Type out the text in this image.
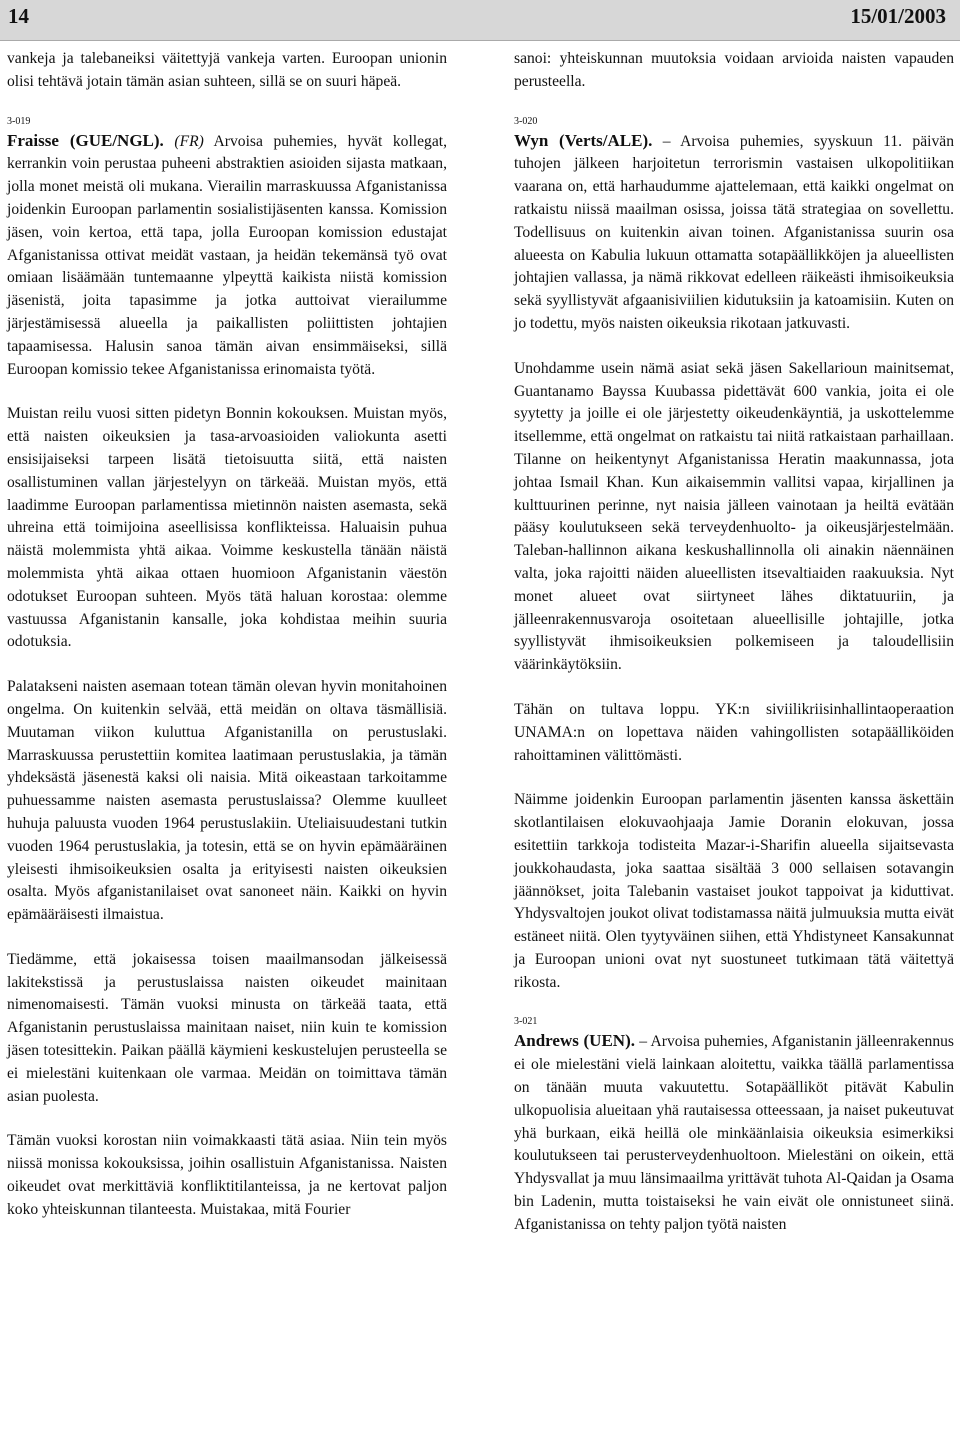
14	15/01/2003

vankeja ja talebaneiksi väitettyjä vankeja varten. Euroopan unionin olisi tehtävä jotain tämän asian suhteen, sillä se on suuri häpeä.

3-019

Fraisse (GUE/NGL). (FR) Arvoisa puhemies, hyvät kollegat, kerrankin voin perustaa puheeni abstraktien asioiden sijasta matkaan, jolla monet meistä oli mukana. Vierailin marraskuussa Afganistanissa joidenkin Euroopan parlamentin sosialistijäsenten kanssa. Komission jäsen, voin kertoa, että tapa, jolla Euroopan komission edustajat Afganistanissa ottivat meidät vastaan, ja heidän tekemänsä työ ovat omiaan lisäämään tuntemaanne ylpeyttä kaikista niistä komission jäsenistä, joita tapasimme ja jotka auttoivat vierailumme järjestämisessä alueella ja paikallisten poliittisten johtajien tapaamisessa. Halusin sanoa tämän aivan ensimmäiseksi, sillä Euroopan komissio tekee Afganistanissa erinomaista työtä.

Muistan reilu vuosi sitten pidetyn Bonnin kokouksen. Muistan myös, että naisten oikeuksien ja tasa-arvoasioiden valiokunta asetti ensisijaiseksi tarpeen lisätä tietoisuutta siitä, että naisten osallistuminen vallan järjestelyyn on tärkeää. Muistan myös, että laadimme Euroopan parlamentissa mietinnön naisten asemasta, sekä uhreina että toimijoina aseellisissa konflikteissa. Haluaisin puhua näistä molemmista yhtä aikaa. Voimme keskustella tänään näistä molemmista yhtä aikaa ottaen huomioon Afganistanin väestön odotukset Euroopan suhteen. Myös tätä haluan korostaa: olemme vastuussa Afganistanin kansalle, joka kohdistaa meihin suuria odotuksia.

Palatakseni naisten asemaan totean tämän olevan hyvin monitahoinen ongelma. On kuitenkin selvää, että meidän on oltava täsmällisiä. Muutaman viikon kuluttua Afganistanilla on perustuslaki. Marraskuussa perustettiin komitea laatimaan perustuslakia, ja tämän yhdeksästä jäsenestä kaksi oli naisia. Mitä oikeastaan tarkoitamme puhuessamme naisten asemasta perustuslaissa? Olemme kuulleet huhuja paluusta vuoden 1964 perustuslakiin. Uteliaisuudestani tutkin vuoden 1964 perustuslakia, ja totesin, että se on hyvin epämääräinen yleisesti ihmisoikeuksien osalta ja erityisesti naisten oikeuksien osalta. Myös afganistanilaiset ovat sanoneet näin. Kaikki on hyvin epämääräisesti ilmaistua.

Tiedämme, että jokaisessa toisen maailmansodan jälkeisessä lakitekstissä ja perustuslaissa naisten oikeudet mainitaan nimenomaisesti. Tämän vuoksi minusta on tärkeää taata, että Afganistanin perustuslaissa mainitaan naiset, niin kuin te komission jäsen totesittekin. Paikan päällä käymieni keskustelujen perusteella se ei mielestäni kuitenkaan ole varmaa. Meidän on toimittava tämän asian puolesta.

Tämän vuoksi korostan niin voimakkaasti tätä asiaa. Niin tein myös niissä monissa kokouksissa, joihin osallistuin Afganistanissa. Naisten oikeudet ovat merkittäviä konfliktitilanteissa, ja ne kertovat paljon koko yhteiskunnan tilanteesta. Muistakaa, mitä Fourier

sanoi: yhteiskunnan muutoksia voidaan arvioida naisten vapauden perusteella.

3-020

Wyn (Verts/ALE). – Arvoisa puhemies, syyskuun 11. päivän tuhojen jälkeen harjoitetun terrorismin vastaisen ulkopolitiikan vaarana on, että harhaudumme ajattelemaan, että kaikki ongelmat on ratkaistu niissä maailman osissa, joissa tätä strategiaa on sovellettu. Todellisuus on kuitenkin aivan toinen. Afganistanissa suurin osa alueesta on Kabulia lukuun ottamatta sotapäällikköjen ja alueellisten johtajien vallassa, ja nämä rikkovat edelleen räikeästi ihmisoikeuksia sekä syyllistyvät afgaanisiviilien kidutuksiin ja katoamisiin. Kuten on jo todettu, myös naisten oikeuksia rikotaan jatkuvasti.

Unohdamme usein nämä asiat sekä jäsen Sakellarioun mainitsemat, Guantanamo Bayssa Kuubassa pidettävät 600 vankia, joita ei ole syytetty ja joille ei ole järjestetty oikeudenkäyntiä, ja uskottelemme itsellemme, että ongelmat on ratkaistu tai niitä ratkaistaan parhaillaan. Tilanne on heikentynyt Afganistanissa Heratin maakunnassa, jota johtaa Ismail Khan. Kun aikaisemmin vallitsi vapaa, kirjallinen ja kulttuurinen perinne, nyt naisia jälleen vainotaan ja heiltä evätään pääsy koulutukseen sekä terveydenhuolto- ja oikeusjärjestelmään. Taleban-hallinnon aikana keskushallinnolla oli ainakin näennäinen valta, joka rajoitti näiden alueellisten itsevaltiaiden raakuuksia. Nyt monet alueet ovat siirtyneet lähes diktatuuriin, ja jälleenrakennusvaroja osoitetaan alueellisille johtajille, jotka syyllistyvät ihmisoikeuksien polkemiseen ja taloudellisiin väärinkäytöksiin.

Tähän on tultava loppu. YK:n siviilikriisinhallintaoperaation UNAMA:n on lopettava näiden vahingollisten sotapäälliköiden rahoittaminen välittömästi.

Näimme joidenkin Euroopan parlamentin jäsenten kanssa äskettäin skotlantilaisen elokuvaohjaaja Jamie Doranin elokuvan, jossa esitettiin tarkkoja todisteita Mazar-i-Sharifin alueella sijaitsevasta joukkohaudasta, joka saattaa sisältää 3 000 sellaisen sotavangin jäännökset, joita Talebanin vastaiset joukot tappoivat ja kiduttivat. Yhdysvaltojen joukot olivat todistamassa näitä julmuuksia mutta eivät estäneet niitä. Olen tyytyväinen siihen, että Yhdistyneet Kansakunnat ja Euroopan unioni ovat nyt suostuneet tutkimaan tätä väitettyä rikosta.

3-021

Andrews (UEN). – Arvoisa puhemies, Afganistanin jälleenrakennus ei ole mielestäni vielä lainkaan aloitettu, vaikka täällä parlamentissa on tänään muuta vakuutettu. Sotapäälliköt pitävät Kabulin ulkopuolisia alueitaan yhä rautaisessa otteessaan, ja naiset pukeutuvat yhä burkaan, eikä heillä ole minkäänlaisia oikeuksia esimerkiksi koulutukseen tai perusterveydenhuoltoon. Mielestäni on oikein, että Yhdysvallat ja muu länsimaailma yrittävät tuhota Al-Qaidan ja Osama bin Ladenin, mutta toistaiseksi he vain eivät ole onnistuneet siinä. Afganistanissa on tehty paljon työtä naisten
